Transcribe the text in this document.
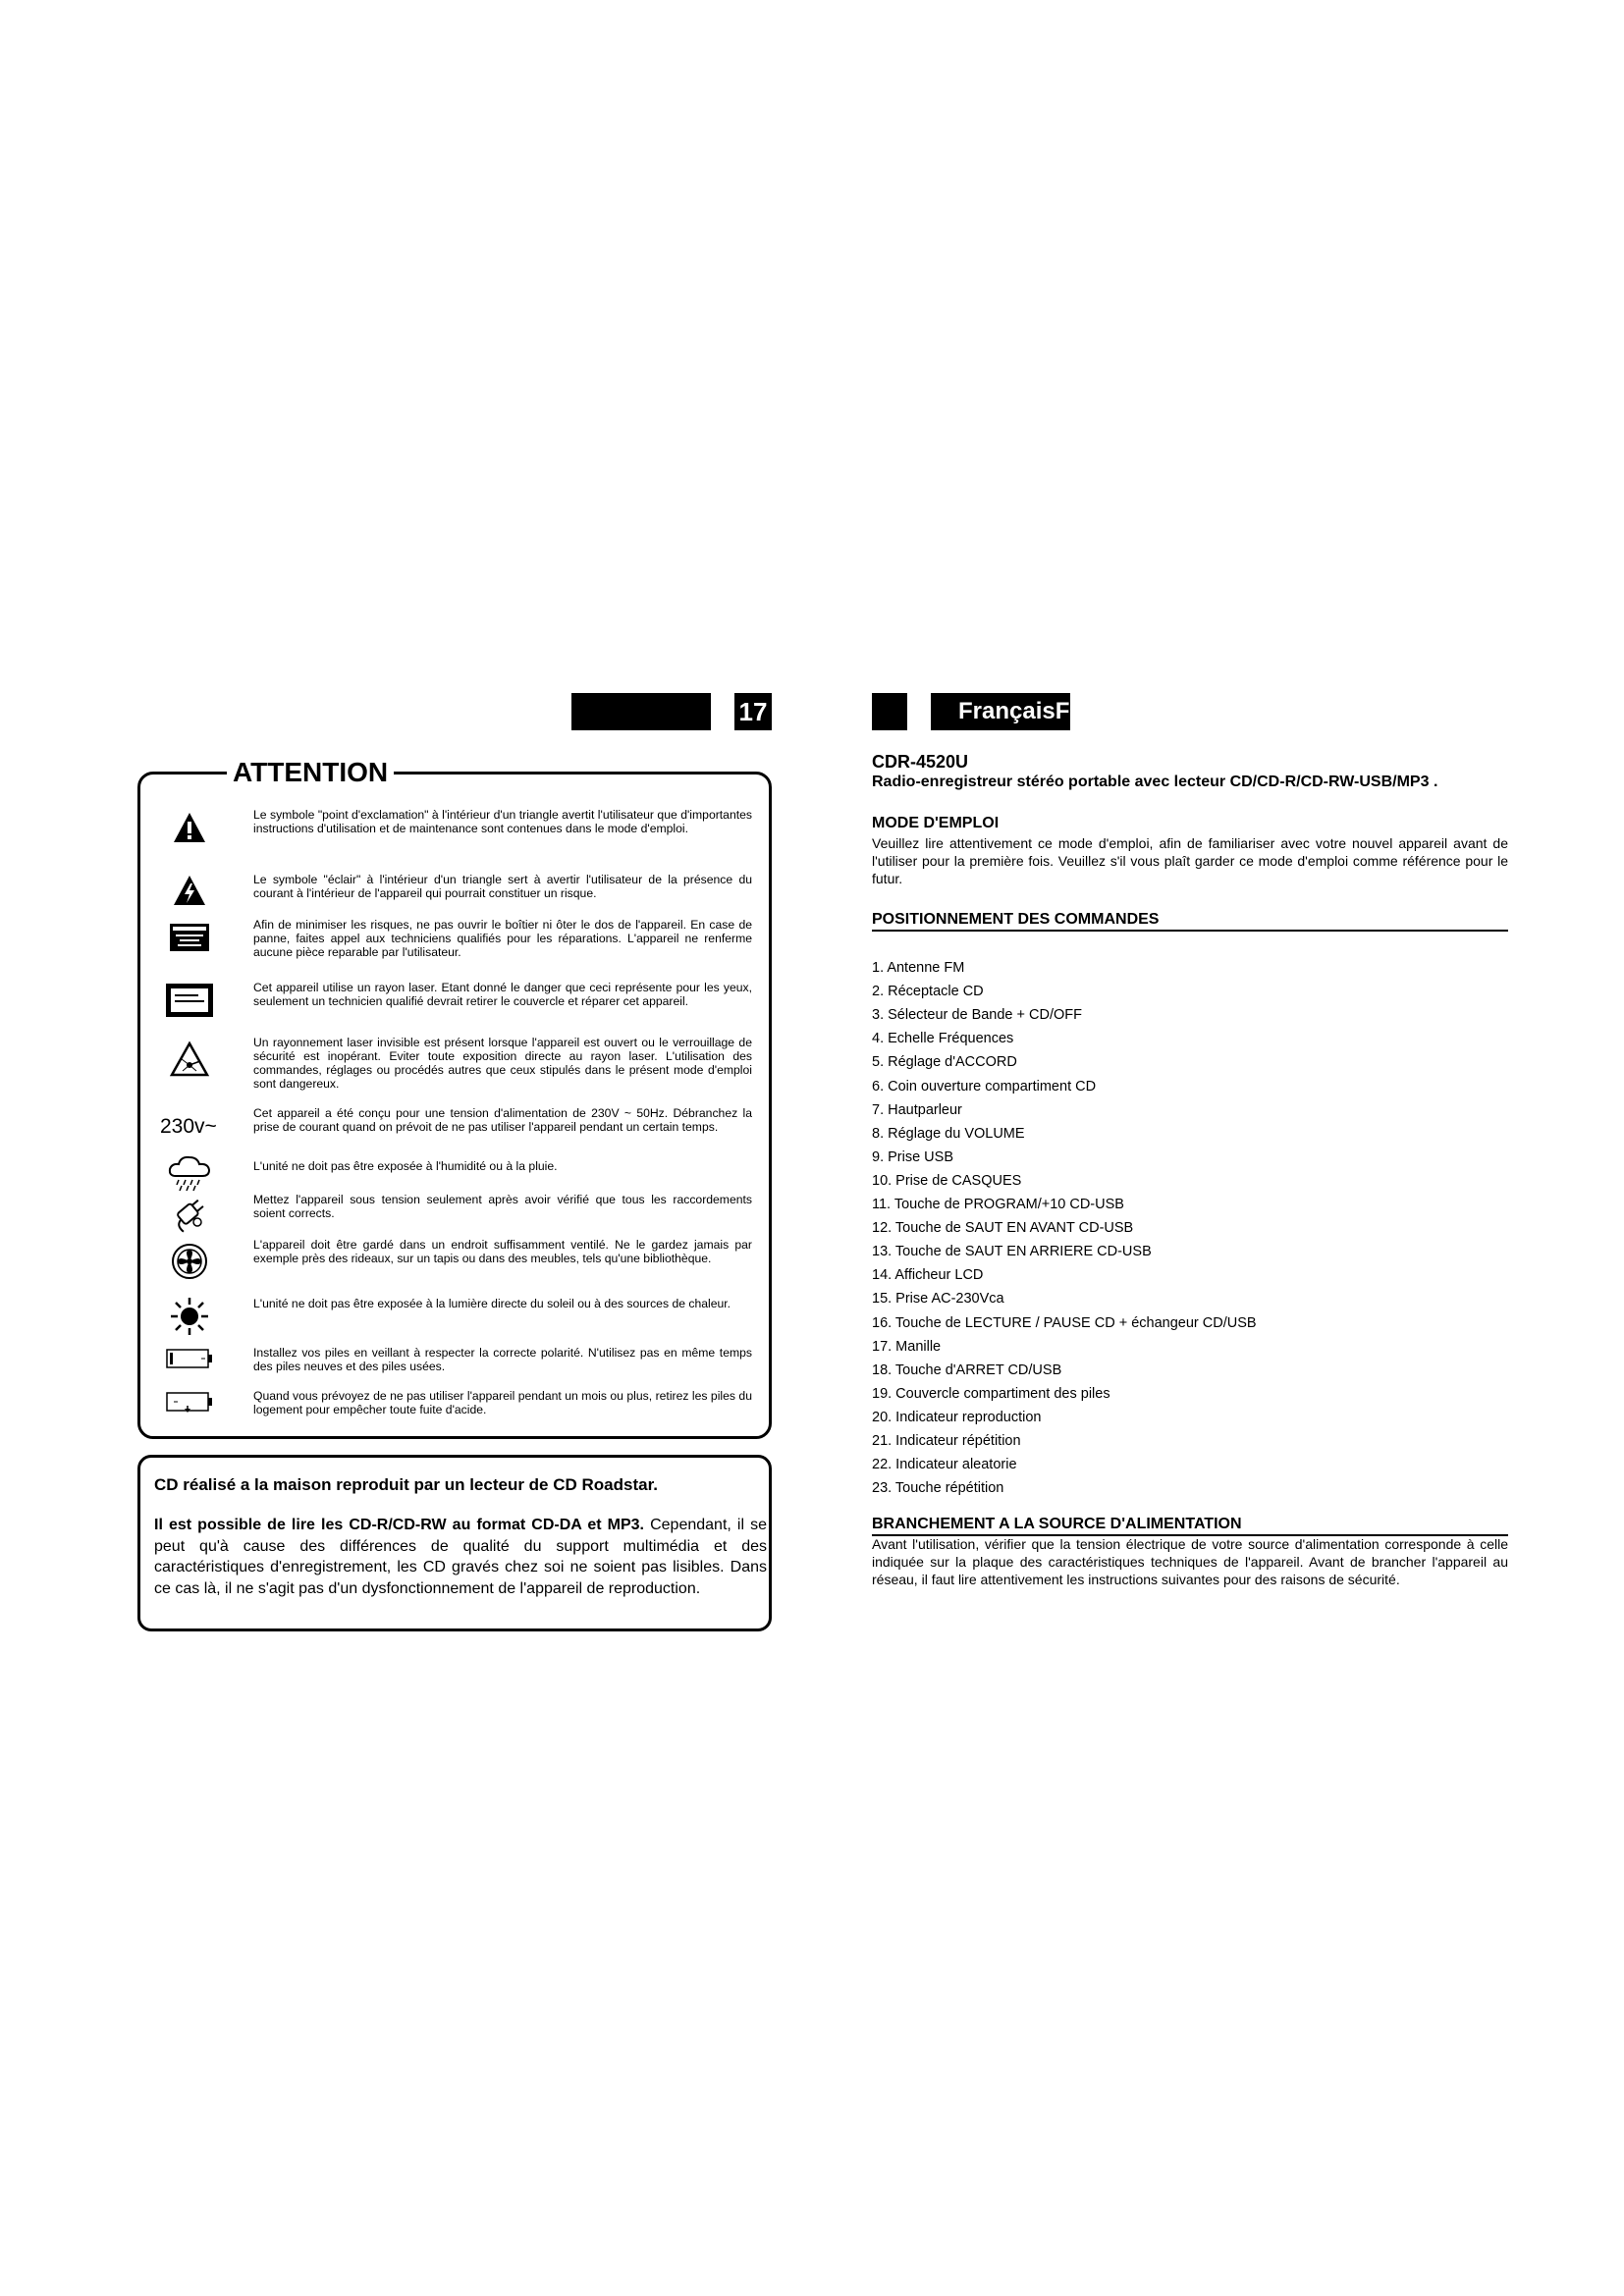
17	FrançaisFra
ATTENTION
Le symbole "point d'exclamation" à l'intérieur d'un triangle avertit l'utilisateur que d'importantes instructions d'utilisation et de maintenance sont contenues dans le mode d'emploi.
Le symbole "éclair" à l'intérieur d'un triangle sert à avertir l'utilisateur de la présence du courant à l'intérieur de l'appareil qui pourrait constituer un risque.
Afin de minimiser les risques, ne pas ouvrir le boîtier ni ôter le dos de l'appareil. En case de panne, faites appel aux techniciens qualifiés pour les réparations. L'appareil ne renferme aucune pièce reparable par l'utilisateur.
Cet appareil utilise un rayon laser. Etant donné le danger que ceci représente pour les yeux, seulement un technicien qualifié devrait retirer le couvercle et réparer cet appareil.
Un rayonnement laser invisible est présent lorsque l'appareil est ouvert ou le verrouillage de sécurité est inopérant. Eviter toute exposition directe au rayon laser. L'utilisation des commandes, réglages ou procédés autres que ceux stipulés dans le présent mode d'emploi sont dangereux.
230v~
Cet appareil a été conçu pour une tension d'alimentation de 230V ~ 50Hz. Débranchez la prise de courant quand on prévoit de ne pas utiliser l'appareil pendant un certain temps.
L'unité ne doit pas être exposée à l'humidité ou à la pluie.
Mettez l'appareil sous tension seulement après avoir vérifié que tous les raccordements soient corrects.
L'appareil doit être gardé dans un endroit suffisamment ventilé. Ne le gardez jamais par exemple près des rideaux, sur un tapis ou dans des meubles, tels qu'une bibliothèque.
L'unité ne doit pas être exposée à la lumière directe du soleil ou à des sources de chaleur.
Installez vos piles en veillant à respecter la correcte polarité. N'utilisez pas en même temps des piles neuves et des piles usées.
Quand vous prévoyez de ne pas utiliser l'appareil pendant un mois ou plus, retirez les piles du logement pour empêcher toute fuite d'acide.
CD réalisé a la maison reproduit par un lecteur de CD Roadstar.
Il est possible de lire les CD-R/CD-RW au format CD-DA et MP3. Cependant, il se peut qu'à cause des différences de qualité du support multimédia et des caractéristiques d'enregistrement, les CD gravés chez soi ne soient pas lisibles. Dans ce cas là, il ne s'agit pas d'un dysfonctionnement de l'appareil de reproduction.
CDR-4520U
Radio-enregistreur stéréo portable avec lecteur CD/CD-R/CD-RW-USB/MP3 .
MODE D'EMPLOI
Veuillez lire attentivement ce mode d'emploi, afin de familiariser avec votre nouvel appareil avant de l'utiliser pour la première fois. Veuillez s'il vous plaît garder ce mode d'emploi comme référence pour le futur.
POSITIONNEMENT DES COMMANDES
1. Antenne FM
2. Réceptacle CD
3. Sélecteur de Bande + CD/OFF
4. Echelle Fréquences
5. Réglage d'ACCORD
6. Coin ouverture compartiment CD
7. Hautparleur
8. Réglage du VOLUME
9. Prise USB
10. Prise de CASQUES
11. Touche de PROGRAM/+10 CD-USB
12. Touche de SAUT EN AVANT CD-USB
13. Touche de SAUT EN ARRIERE CD-USB
14. Afficheur LCD
15. Prise AC-230Vca
16. Touche de LECTURE / PAUSE CD + échangeur CD/USB
17. Manille
18. Touche d'ARRET CD/USB
19. Couvercle compartiment des piles
20. Indicateur reproduction
21. Indicateur répétition
22. Indicateur aleatorie
23. Touche répétition
BRANCHEMENT A LA SOURCE D'ALIMENTATION
Avant l'utilisation, vérifier que la tension électrique de votre source d'alimentation corresponde à celle indiquée sur la plaque des caractéristiques techniques de l'appareil. Avant de brancher l'appareil au réseau, il faut lire attentivement les instructions suivantes pour des raisons de sécurité.
